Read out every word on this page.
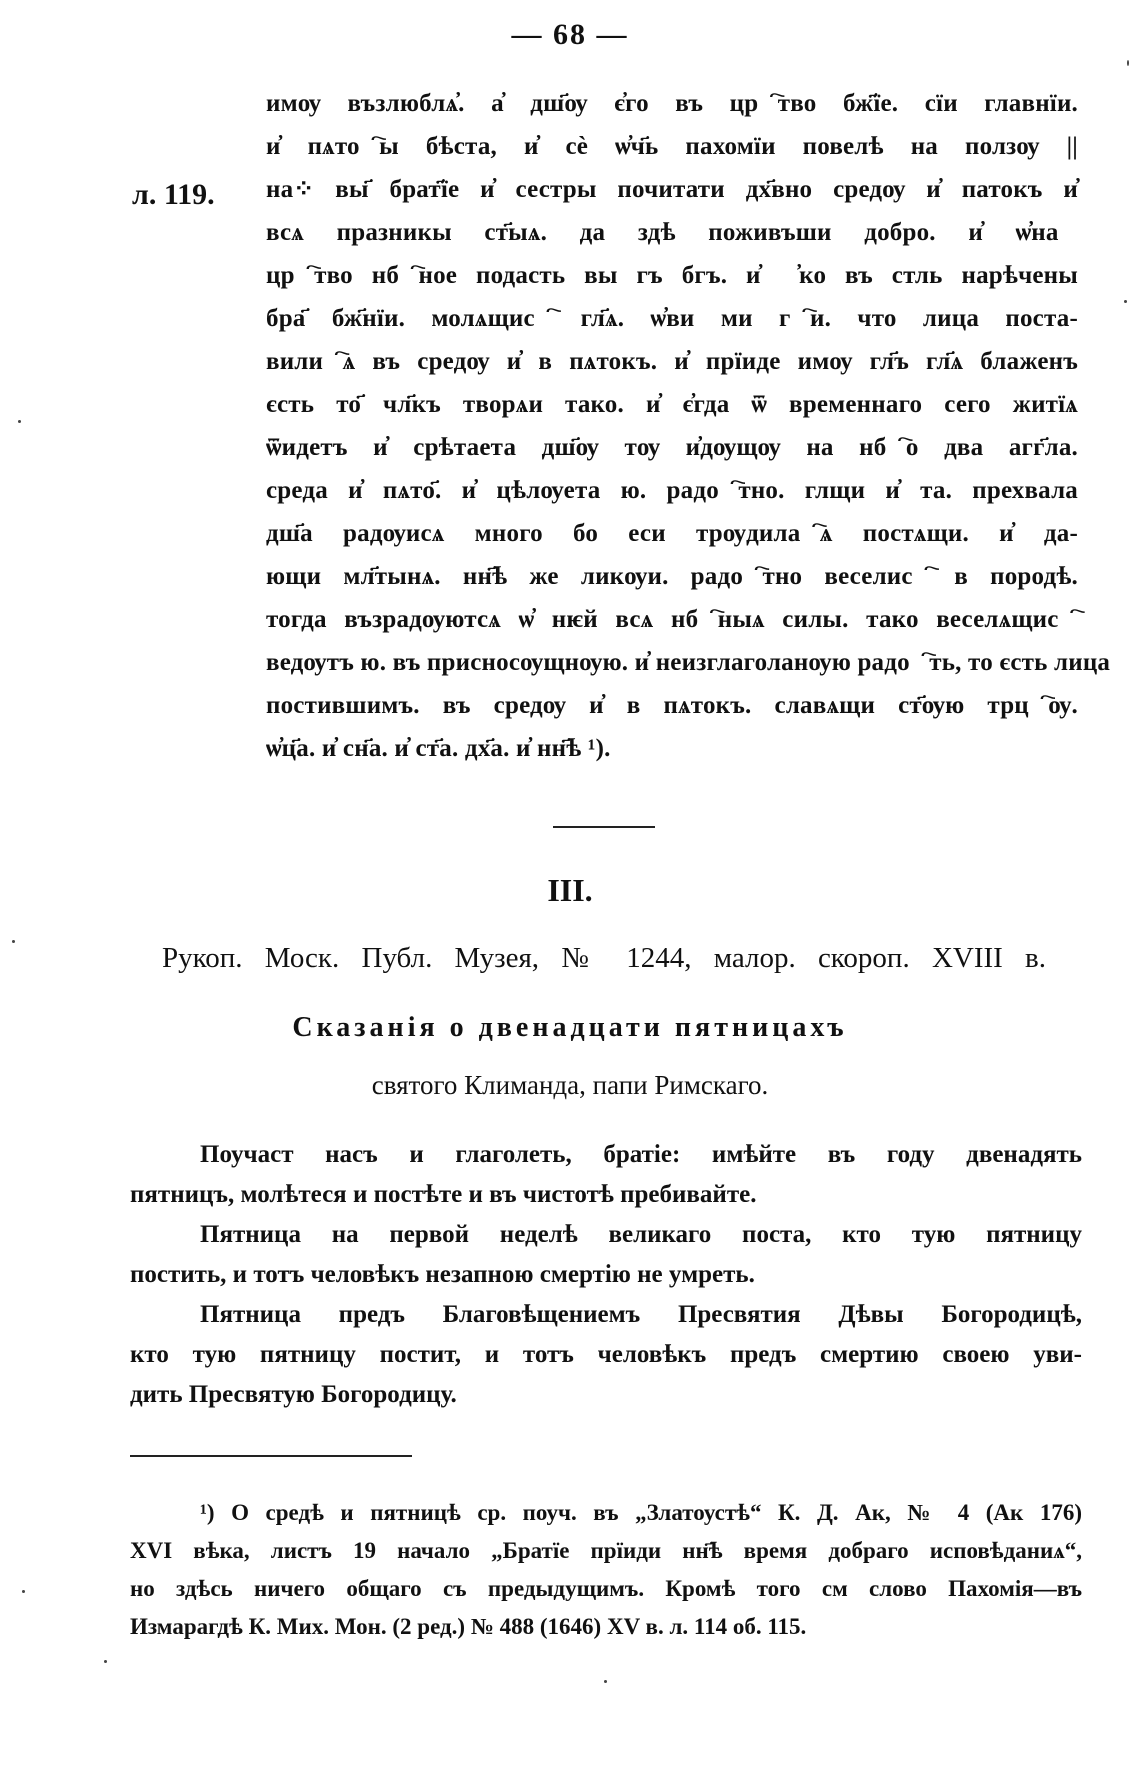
— 68 —
л. 119.
имѹ възлюблѧ҆. а҆ дш҃ѹ є҆го въ црⷭ҇тво бж҃їе. сїи главнїи.
и҆ пѧтоⷦ҇ы бѣста, и҆ сѐ ѡ҆ч҃ь пахомїи повелѣ на ползѹ ||
на⁘ вы҃ брат҃їе и҆ сестры почитати дх҃вно средѹ и҆ патокъ и҆
всѧ празникы ст҃ыѧ. да здѣ поживъши добро. и҆ ѡ҆наⷨ
црⷭ҇тво нбⷭ҇ное подасть вы гъ бгъ. и҆ ꙗ҆ко въ стль нарѣчены
бра҃ бж҃нїи. молѧщисⷭ҇ гл҃ѧ. ѡ҆ви ми гⷭ҇и. что лица поста-
вилиⷭ҇ѧ въ средѹ и҆ в пѧтокъ. и҆ прїиде имѹ гл҃ъ гл҃ѧ блаженъ
єсть то҃ чл҃къ творѧи тако. и҆ є҆гда ѿ временнаго сего житїѧ
ѿидетъ и҆ срѣтаета дш҃ѹ тѹ и҆дѹщѹ на нбⷭ҇о два агг҃ла.
среда и҆ пѧто҃. и҆ цѣлѹета ю. радоⷭ҇тно. глщи и҆ та. прехвала
дш҃а радѹисѧ много бо еси трѹдилаⷭ҇ѧ постѧщи. и҆ да-
ющи мл҃тынѧ. нн҃ѣ же ликѹи. радоⷭ҇тно веселисⷭ҇ в породѣ.
тогда възрадѹютсѧ ѡ҆ нѥй всѧ нбⷭ҇ныѧ силы. тако веселѧщисⷭ҇
ведѹтъ ю. въ присносѹщнѹю. и҆ неизглаголанѹю радоⷭ҇ть, то єсть лица
постившимъ. въ средѹ и҆ в пѧтокъ. славѧщи ст҃ѹю трцⷭ҇ѹ.
ѡ҆ц҃а. и҆ сн҃а. и҆ ст҃а. дх҃а. и҆ нн҃ѣ ¹).
III.
Рукоп. Моск. Публ. Музея, № 1244, малор. скороп. XVIII в.
Сказанія о двенадцати пятницахъ
святого Климанда, папи Римскаго.
Поучаст насъ и глаголеть, братіе: имѣйте въ году двенадять
пятницъ, молѣтеся и постѣте и въ чистотѣ пребивайте.
Пятница на первой неделѣ великаго поста, кто тую пятницу
постить, и тотъ человѣкъ незапною смертію не умреть.
Пятница предъ Благовѣщениемъ Пресвятия Дѣвы Богородицѣ,
кто тую пятницу постит, и тотъ человѣкъ предъ смертию своею уви-
дить Пресвятую Богородицу.
¹) О средѣ и пятницѣ ср. поуч. въ „Златоустѣ“ К. Д. Ак, № 4 (Ак 176)
XVI вѣка, листъ 19 начало „Братїе прїиди нн҃ѣ время добраго исповѣданиѧ“,
но здѣсь ничего общаго съ предыдущимъ. Кромѣ того см слово Пахомія—въ
Измарагдѣ К. Мих. Мон. (2 ред.) № 488 (1646) XV в. л. 114 об. 115.
